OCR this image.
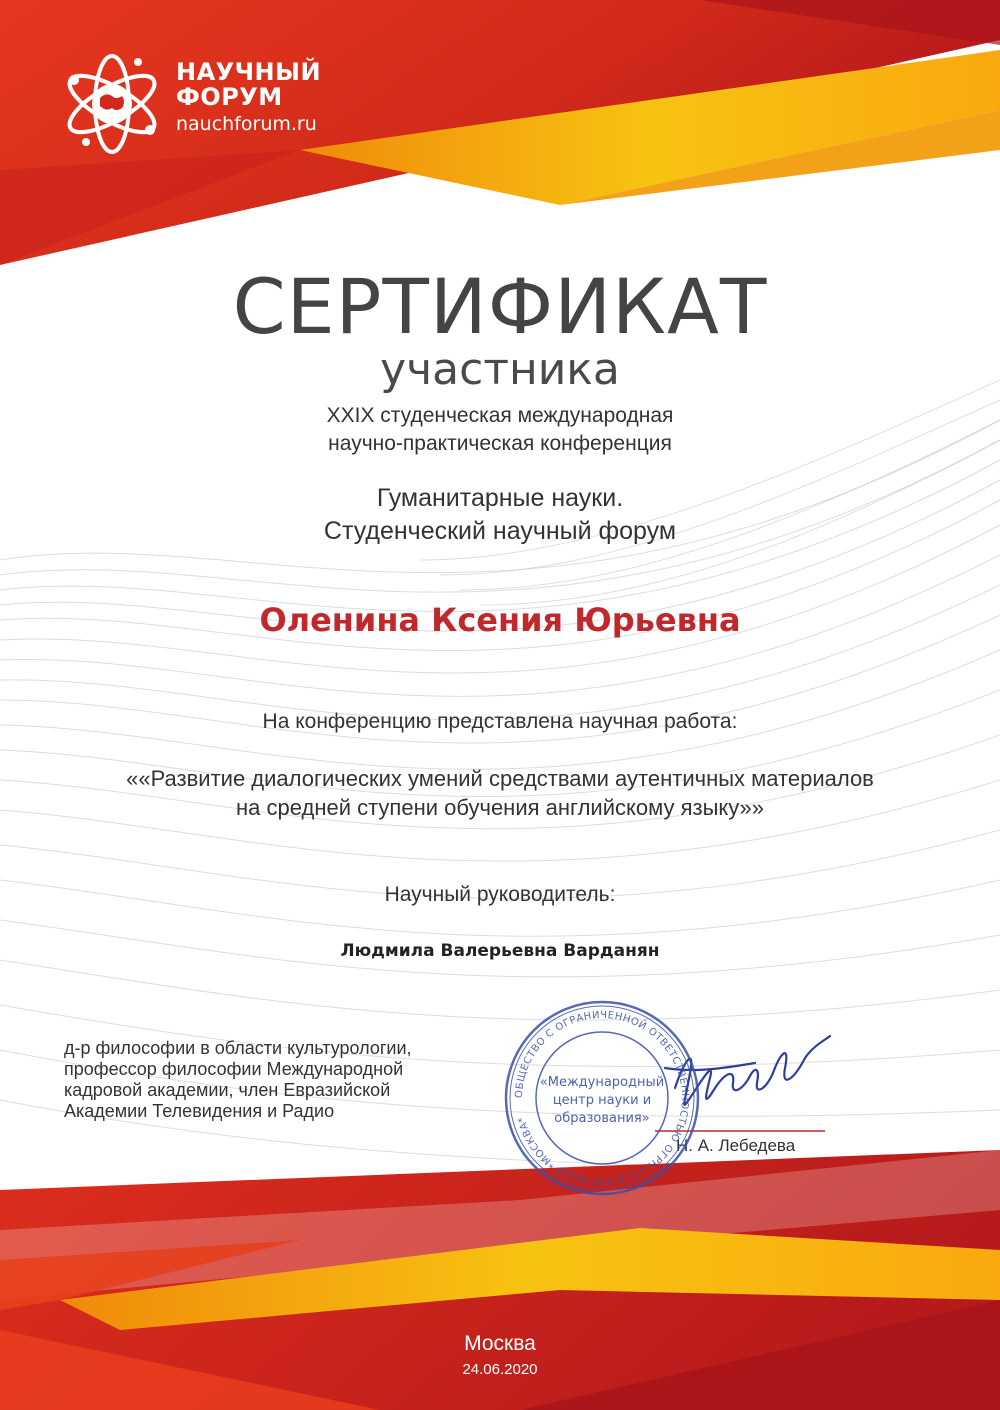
НАУЧНЫЙ
ФОРУМ
nauchforum.ru
СЕРТИФИКАТ
участника
XXIX студенческая международная
научно-практическая конференция
Гуманитарные науки.
Студенческий научный форум
Оленина Ксения Юрьевна
На конференцию представлена научная работа:
««Развитие диалогических умений средствами аутентичных материалов
на средней ступени обучения английскому языку»»
Научный руководитель:
Людмила Валерьевна Варданян
д-р философии в области культурологии,
профессор философии Международной
кадровой академии, член Евразийской
Академии Телевидения и Радио
Н. А. Лебедева
ОБЩЕСТВО С ОГРАНИЧЕННОЙ ОТВЕТСТВЕННОСТЬЮ ОГРН 1127746510149 *МОСКВА*
«Международный
центр науки и
образования»
Москва
24.06.2020
